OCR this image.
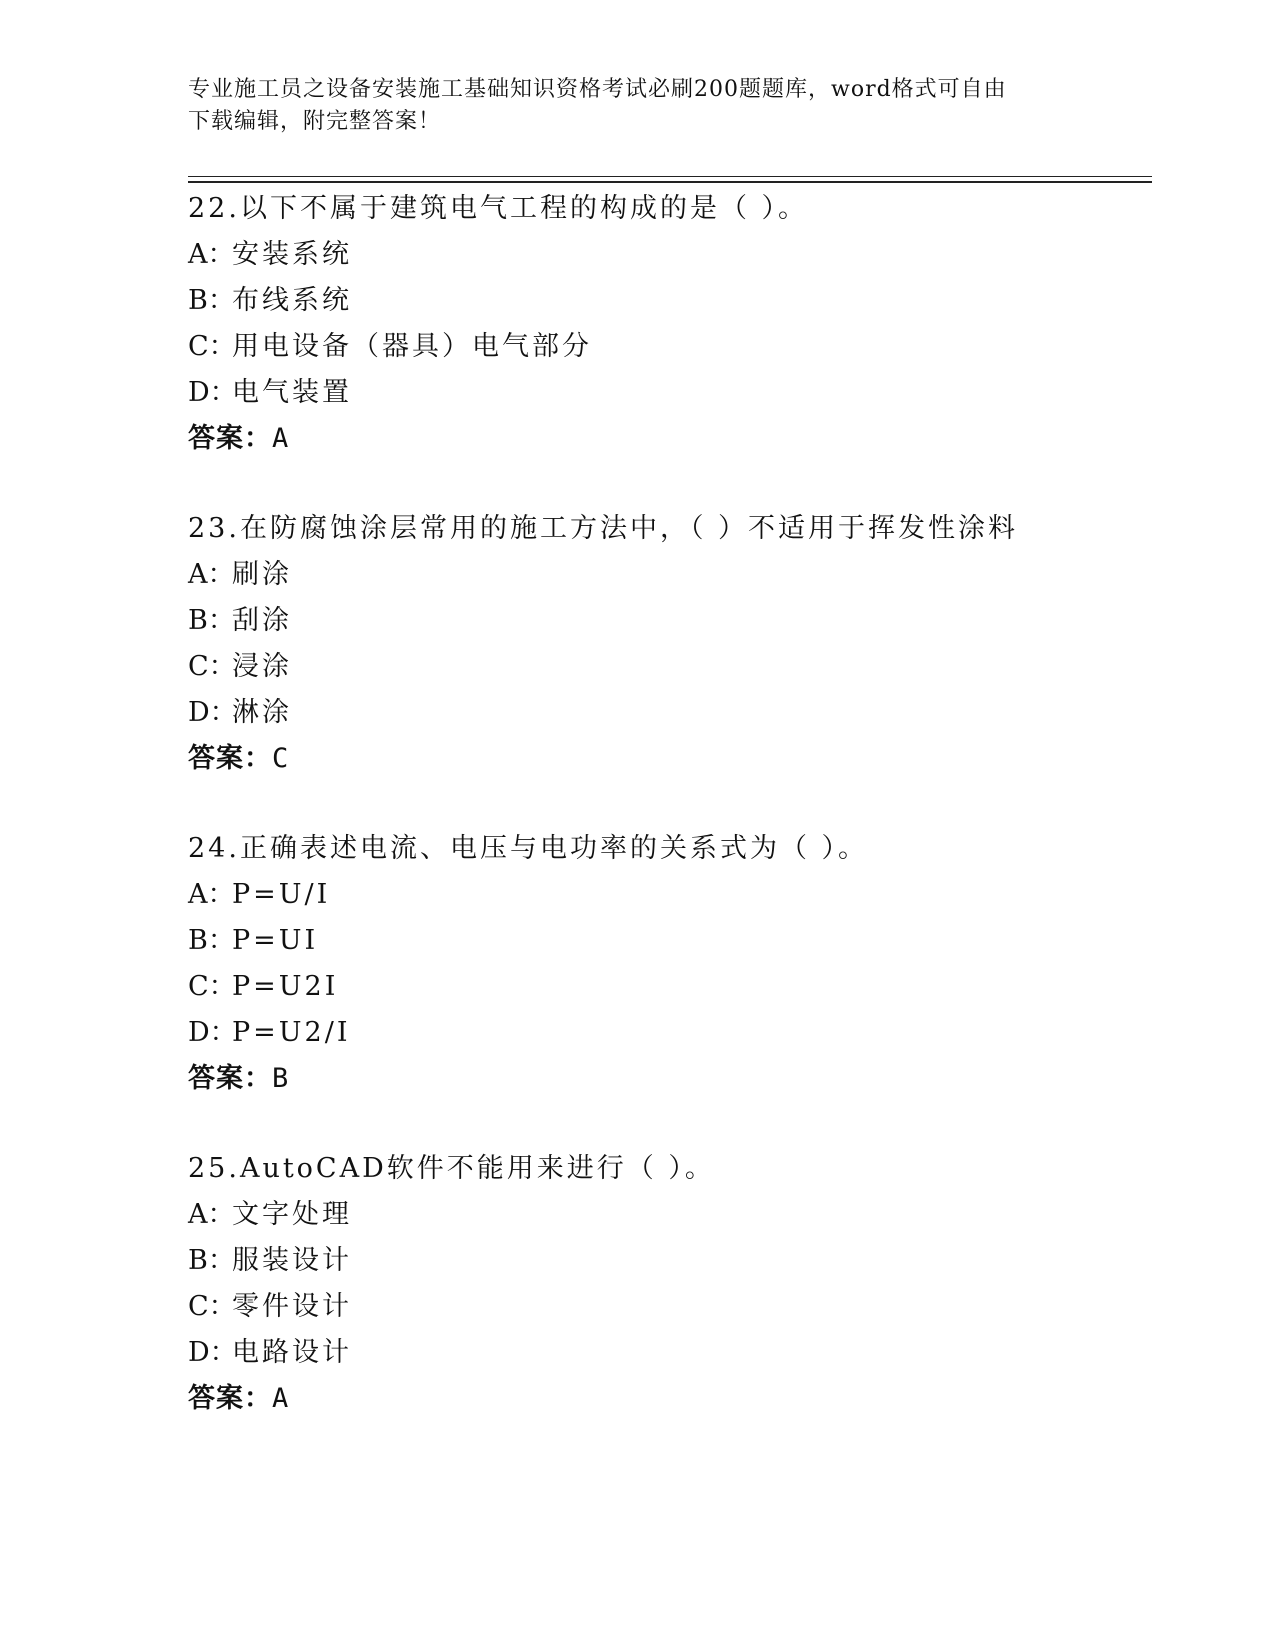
专业施工员之设备安装施工基础知识资格考试必刷200题题库，word格式可自由
下载编辑，附完整答案！
22.以下不属于建筑电气工程的构成的是（ ）。
A：安装系统
B：布线系统
C：用电设备（器具）电气部分
D：电气装置
答案：A
23.在防腐蚀涂层常用的施工方法中，（ ）不适用于挥发性涂料
A：刷涂
B：刮涂
C：浸涂
D：淋涂
答案：C
24.正确表述电流、电压与电功率的关系式为（ ）。
A：P=U/I
B：P=UI
C：P=U2I
D：P=U2/I
答案：B
25.AutoCAD软件不能用来进行（ ）。
A：文字处理
B：服装设计
C：零件设计
D：电路设计
答案：A
